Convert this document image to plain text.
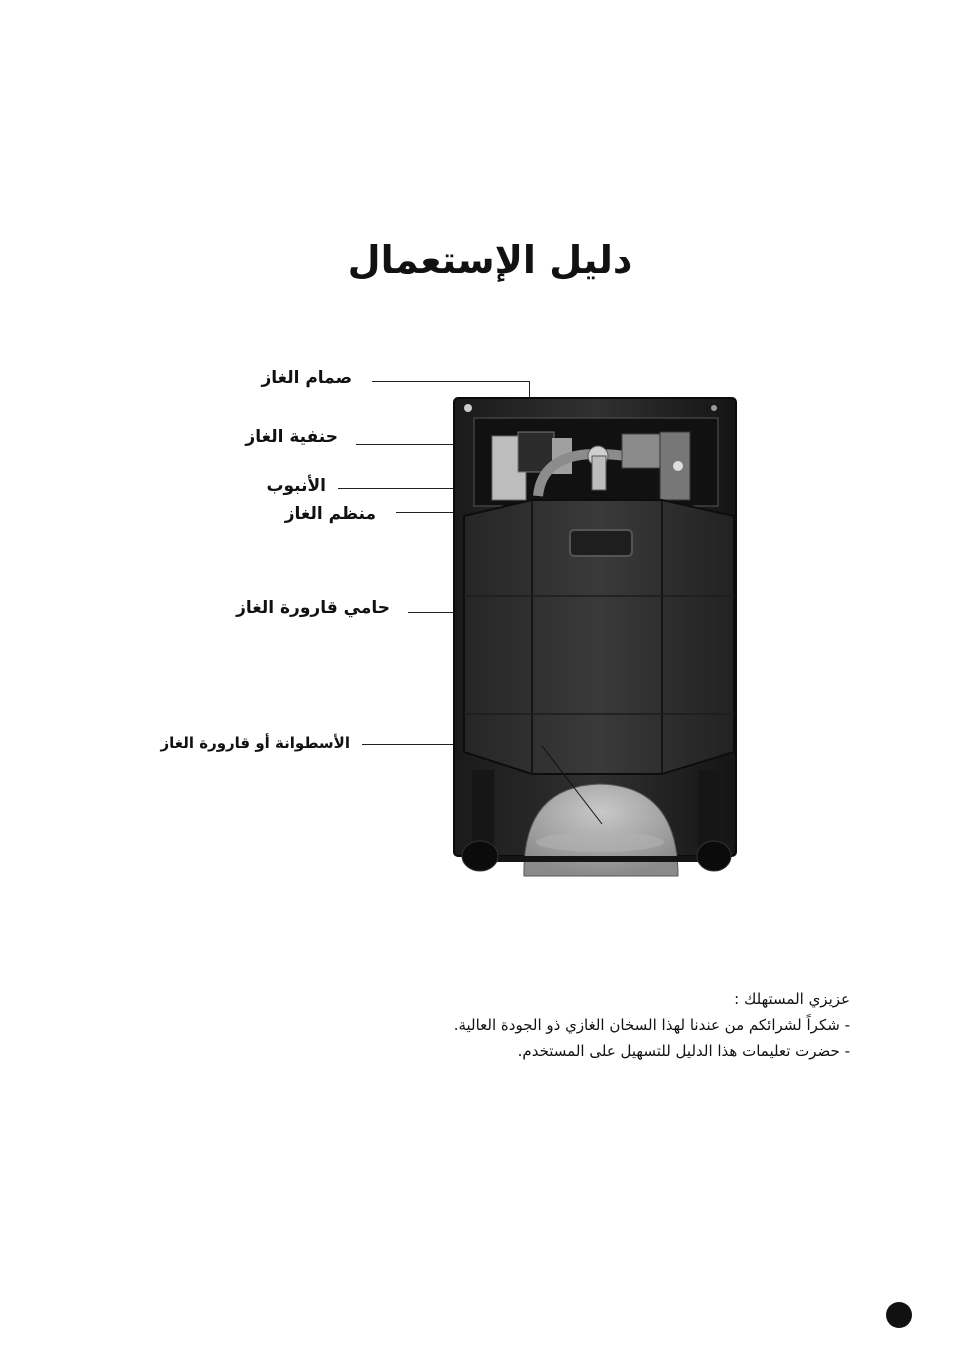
دليل الإستعمال
صمام الغاز
حنفية الغاز
الأنبوب
منظم الغاز
حامي قارورة الغاز
الأسطوانة أو قارورة الغاز
عزيزي المستهلك :
- شكراً لشرائكم من عندنا لهذا السخان الغازي ذو الجودة العالية.
- حضرت تعليمات هذا الدليل للتسهيل على المستخدم.
